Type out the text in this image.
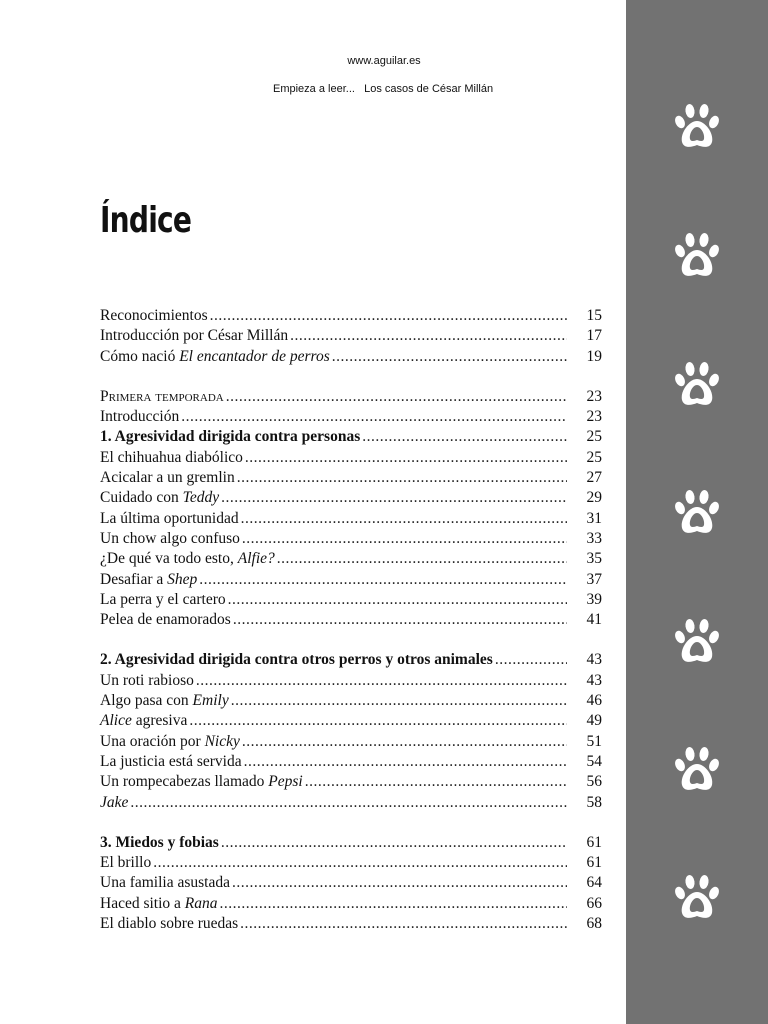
www.aguilar.es
Empieza a leer...   Los casos de César Millán
Índice
Reconocimientos .....	15
Introducción por César Millán .....	17
Cómo nació El encantador de perros .....	19
Primera temporada .....	23
Introducción .....	23
1. Agresividad dirigida contra personas .....	25
El chihuahua diabólico .....	25
Acicalar a un gremlin .....	27
Cuidado con Teddy .....	29
La última oportunidad .....	31
Un chow algo confuso .....	33
¿De qué va todo esto, Alfie? .....	35
Desafiar a Shep .....	37
La perra y el cartero .....	39
Pelea de enamorados .....	41
2. Agresividad dirigida contra otros perros y otros animales .....	43
Un roti rabioso .....	43
Algo pasa con Emily .....	46
Alice agresiva .....	49
Una oración por Nicky .....	51
La justicia está servida .....	54
Un rompecabezas llamado Pepsi .....	56
Jake .....	58
3. Miedos y fobias .....	61
El brillo .....	61
Una familia asustada .....	64
Haced sitio a Rana .....	66
El diablo sobre ruedas .....	68
